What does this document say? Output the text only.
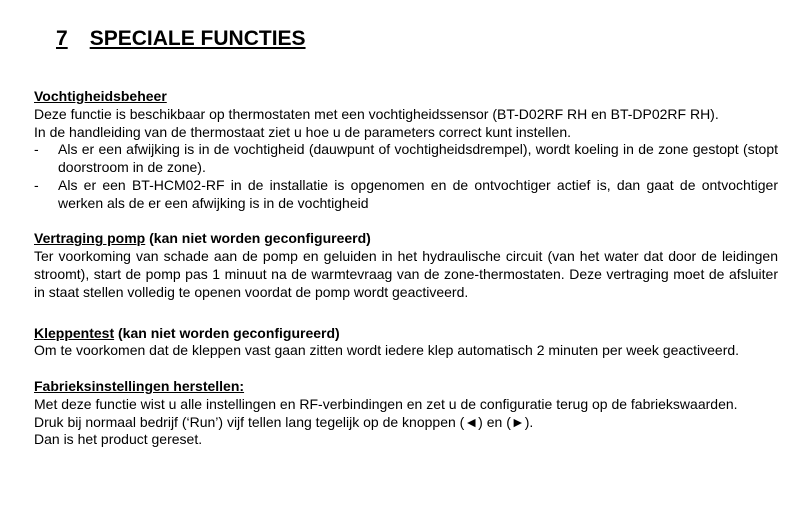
7 SPECIALE FUNCTIES
Vochtigheidsbeheer

Deze functie is beschikbaar op thermostaten met een vochtigheidssensor (BT-D02RF RH en BT-DP02RF RH).

In de handleiding van de thermostaat ziet u hoe u de parameters correct kunt instellen.

- Als er een afwijking is in de vochtigheid (dauwpunt of vochtigheidsdrempel), wordt koeling in de zone gestopt (stopt doorstroom in de zone).
- Als er een BT-HCM02-RF in de installatie is opgenomen en de ontvochtiger actief is, dan gaat de ontvochtiger werken als de er een afwijking is in de vochtigheid
Vertraging pomp (kan niet worden geconfigureerd)

Ter voorkoming van schade aan de pomp en geluiden in het hydraulische circuit (van het water dat door de leidingen stroomt), start de pomp pas 1 minuut na de warmtevraag van de zone-thermostaten. Deze vertraging moet de afsluiter in staat stellen volledig te openen voordat de pomp wordt geactiveerd.

Kleppentest (kan niet worden geconfigureerd)

Om te voorkomen dat de kleppen vast gaan zitten wordt iedere klep automatisch 2 minuten per week geactiveerd.

Fabrieksinstellingen herstellen:

Met deze functie wist u alle instellingen en RF-verbindingen en zet u de configuratie terug op de fabriekswaarden.

Druk bij normaal bedrijf (‘Run’) vijf tellen lang tegelijk op de knoppen (◄) en (►).

Dan is het product gereset.
